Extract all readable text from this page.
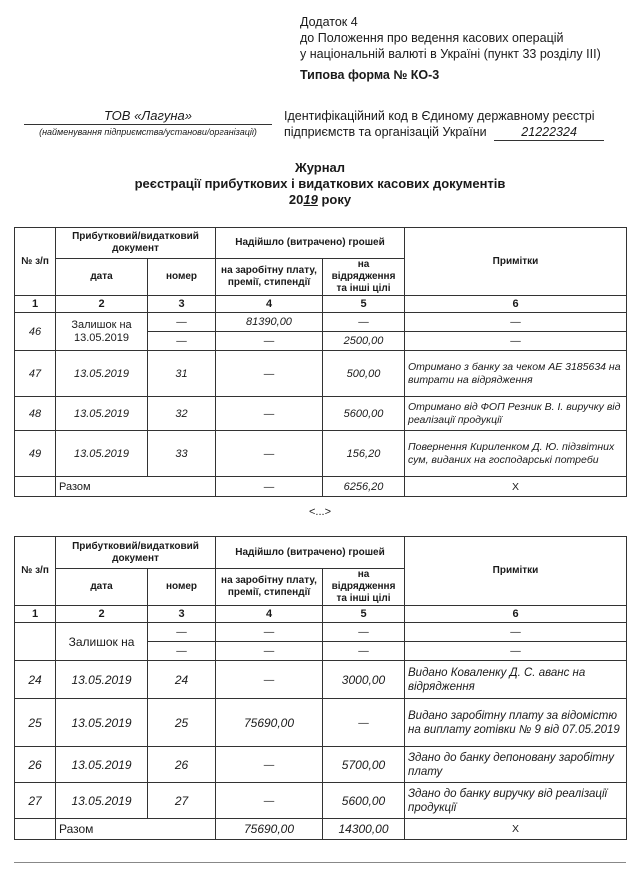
Додаток 4
до Положення про ведення касових операцій
у національній валюті в Україні (пункт 33 розділу ІІІ)
Типова форма № КО-3
ТОВ «Лагуна»
(найменування підприємства/установи/організації)
Ідентифікаційний код в Єдиному державному реєстрі
підприємств та організацій України	21222324
Журнал
реєстрації прибуткових і видаткових касових документів
2019 року
№ з/п	Прибутковий/видатковий документ		Надійшло (витрачено) грошей		Примітки
	дата	номер	на заробітну плату, премії, стипендії	на відрядження та інші цілі	
1	2	3	4	5	6
46	Залишок на 13.05.2019	—	81390,00	—	—
		—	—	2500,00	—
47	13.05.2019	31	—	500,00	Отримано з банку за чеком АЕ 3185634 на витрати на відрядження
48	13.05.2019	32	—	5600,00	Отримано від ФОП Резник В. І. виручку від реалізації продукції
49	13.05.2019	33	—	156,20	Повернення Кириленком Д. Ю. підзвітних сум, виданих на господарські потреби
	Разом		—	6256,20	Х
<...>
№ з/п	Прибутковий/видатковий документ		Надійшло (витрачено) грошей		Примітки
	дата	номер	на заробітну плату, премії, стипендії	на відрядження та інші цілі	
1	2	3	4	5	6
	Залишок на	—	—	—	—
		—	—	—	—
24	13.05.2019	24	—	3000,00	Видано Коваленку Д. С. аванс на відрядження
25	13.05.2019	25	75690,00	—	Видано заробітну плату за відомістю на виплату готівки № 9 від 07.05.2019
26	13.05.2019	26	—	5700,00	Здано до банку депоновану заробітну плату
27	13.05.2019	27	—	5600,00	Здано до банку виручку від реалізації продукції
	Разом		75690,00	14300,00	Х
